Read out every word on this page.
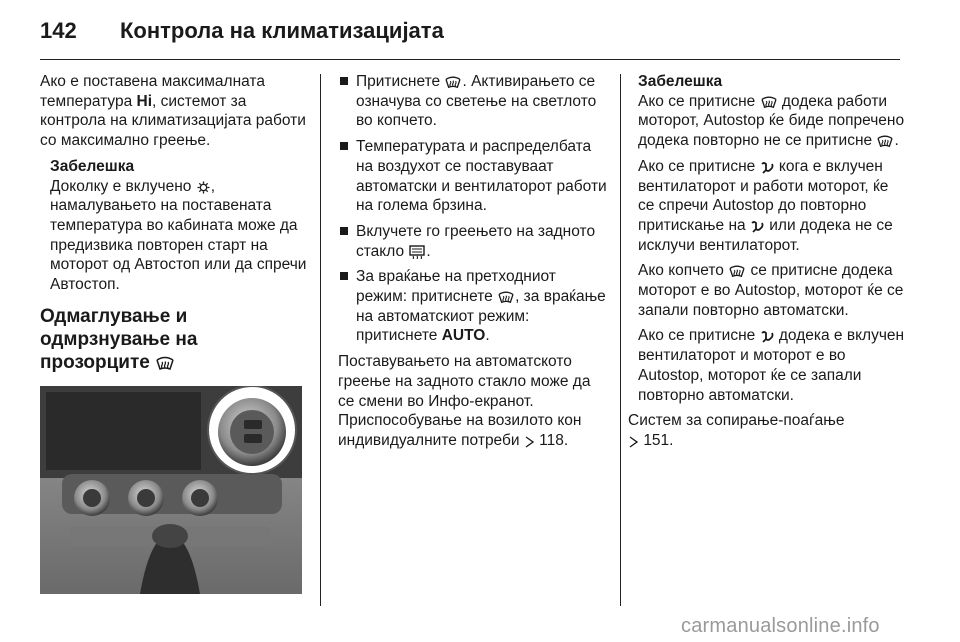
142	Контрола на климатизацијата

Ако е поставена максималната температура Hi, системот за контрола на климатизацијата работи со максимално греење.

Забелешка
Доколку е вклучено
, намалувањето на поставената температура во кабината може да предизвика повторен старт на моторот од Автостоп или да спречи Автостоп.
Одмаглување и одмрзнување на прозорците
Притиснете
. Активирањето се означува со светење на светлото во копчето.
Температурата и распределбата на воздухот се поставуваат автоматски и вентилаторот работи на голема брзина.
Вклучете го греењето на задното стакло
.
За враќање на претходниот режим: притиснете
, за враќање на автоматскиот режим: притиснете AUTO.

Поставувањето на автоматското греење на задното стакло може да се смени во Инфо-екранот. Приспособување на возилото кон индивидуалните потреби
118.

Забелешка

Ако се притисне
додека работи моторот, Autostop ќе биде попречено додека повторно не се притисне
.

Ако се притисне
кога е вклучен вентилаторот и работи моторот, ќе се спречи Autostop до повторно притискање на
или додека не се исклучи вентилаторот.

Ако копчето
се притисне додека моторот е во Autostop, моторот ќе се запали повторно автоматски.

Ако се притисне
додека е вклучен вентилаторот и моторот е во Autostop, моторот ќе се запали повторно автоматски.

Систем за сопирање-поаѓање
151.
carmanualsonline.info
